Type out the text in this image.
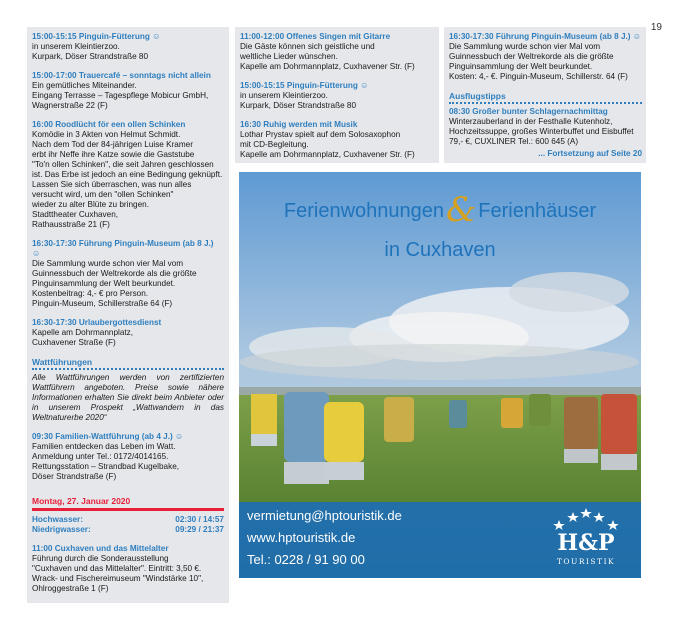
19
15:00-15:15 Pinguin-Fütterung ☺
in unserem Kleintierzoo.
Kurpark, Döser Strandstraße 80
15:00-17:00 Trauercafé – sonntags nicht allein
Ein gemütliches Miteinander.
Eingang Terrasse – Tagespflege Mobicur GmbH,
Wagnerstraße 22 (F)
16:00 Roodlücht för een ollen Schinken
Komödie in 3 Akten von Helmut Schmidt.
Nach dem Tod der 84-jährigen Luise Kramer
erbt ihr Neffe ihre Katze sowie die Gaststube
"To'n ollen Schinken", die seit Jahren geschlossen
ist. Das Erbe ist jedoch an eine Bedingung geknüpft.
Lassen Sie sich überraschen, was nun alles
versucht wird, um den "ollen Schinken"
wieder zu alter Blüte zu bringen.
Stadttheater Cuxhaven,
Rathausstraße 21 (F)
16:30-17:30 Führung Pinguin-Museum (ab 8 J.) ☺
Die Sammlung wurde schon vier Mal vom
Guinnessbuch der Weltrekorde als die größte
Pinguinsammlung der Welt beurkundet.
Kostenbeitrag: 4,- € pro Person.
Pinguin-Museum, Schillerstraße 64 (F)
16:30-17:30 Urlaubergottesdienst
Kapelle am Dohrmannplatz,
Cuxhavener Straße (F)
Wattführungen
Alle Wattführungen werden von zertifizierten Wattführern angeboten. Preise sowie nähere Informationen erhalten Sie direkt beim Anbieter oder in unserem Prospekt „Wattwandern in das Weltnaturerbe 2020“
09:30 Familien-Wattführung (ab 4 J.) ☺
Familien entdecken das Leben im Watt.
Anmeldung unter Tel.: 0172/4014165.
Rettungsstation – Strandbad Kugelbake,
Döser Strandstraße (F)
Montag, 27. Januar 2020
Hochwasser:	02:30 / 14:57
Niedrigwasser:	09:29 / 21:37
11:00 Cuxhaven und das Mittelalter
Führung durch die Sonderausstellung
"Cuxhaven und das Mittelalter". Eintritt: 3,50 €.
Wrack- und Fischereimuseum "Windstärke 10",
Ohlroggestraße 1 (F)
11:00-12:00 Offenes Singen mit Gitarre
Die Gäste können sich geistliche und
weltliche Lieder wünschen.
Kapelle am Dohrmannplatz, Cuxhavener Str. (F)
15:00-15:15 Pinguin-Fütterung ☺
in unserem Kleintierzoo.
Kurpark, Döser Strandstraße 80
16:30 Ruhig werden mit Musik
Lothar Prystav spielt auf dem Solosaxophon
mit CD-Begleitung.
Kapelle am Dohrmannplatz, Cuxhavener Str. (F)
16:30-17:30 Führung Pinguin-Museum (ab 8 J.) ☺
Die Sammlung wurde schon vier Mal vom
Guinnessbuch der Weltrekorde als die größte
Pinguinsammlung der Welt beurkundet.
Kosten: 4,- €. Pinguin-Museum, Schillerstr. 64 (F)
Ausflugstipps
08:30 Großer bunter Schlagernachmittag
Winterzauberland in der Festhalle Kutenholz,
Hochzeitssuppe, großes Winterbuffet und Eisbuffet
79,- €, CUXLINER Tel.: 600 645 (A)
... Fortsetzung auf Seite 20
Ferienwohnungen& Ferienhäuser
in Cuxhaven
vermietung@hptouristik.de
www.hptouristik.de
Tel.: 0228 / 91 90 00
H&P
TOURISTIK
